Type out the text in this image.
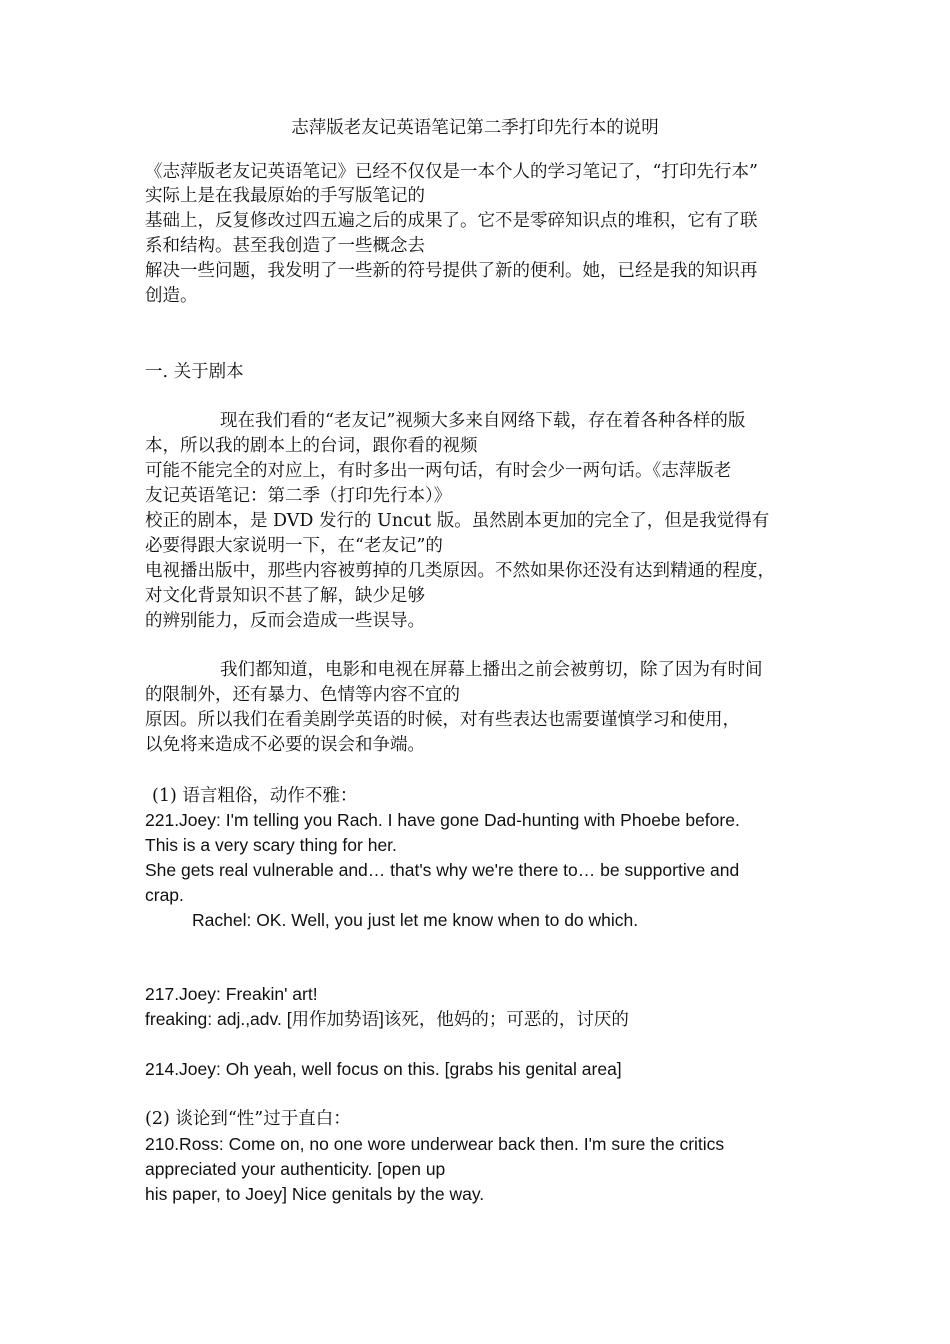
志萍版老友记英语笔记第二季打印先行本的说明

《志萍版老友记英语笔记》已经不仅仅是一本个人的学习笔记了，“打印先行本”

实际上是在我最原始的手写版笔记的

基础上，反复修改过四五遍之后的成果了。它不是零碎知识点的堆积，它有了联

系和结构。甚至我创造了一些概念去

解决一些问题，我发明了一些新的符号提供了新的便利。她，已经是我的知识再

创造。

一. 关于剧本

现在我们看的“老友记”视频大多来自网络下载，存在着各种各样的版

本，所以我的剧本上的台词，跟你看的视频

可能不能完全的对应上，有时多出一两句话，有时会少一两句话。《志萍版老

友记英语笔记：第二季（打印先行本）》

校正的剧本，是 DVD 发行的 Uncut 版。虽然剧本更加的完全了，但是我觉得有

必要得跟大家说明一下，在“老友记”的

电视播出版中，那些内容被剪掉的几类原因。不然如果你还没有达到精通的程度，

对文化背景知识不甚了解，缺少足够

的辨别能力，反而会造成一些误导。

我们都知道，电影和电视在屏幕上播出之前会被剪切，除了因为有时间

的限制外，还有暴力、色情等内容不宜的

原因。所以我们在看美剧学英语的时候，对有些表达也需要谨慎学习和使用，

以免将来造成不必要的误会和争端。

(1) 语言粗俗，动作不雅：

221.Joey: I'm telling you Rach. I have gone Dad-hunting with Phoebe before.

This is a very scary thing for her.

She gets real vulnerable and… that's why we're there to… be supportive and

crap.

Rachel: OK. Well, you just let me know when to do which.

217.Joey: Freakin' art!

freaking: adj.,adv. [用作加势语]该死，他妈的；可恶的，讨厌的

214.Joey: Oh yeah, well focus on this. [grabs his genital area]

(2) 谈论到“性”过于直白：

210.Ross: Come on, no one wore underwear back then. I'm sure the critics

appreciated your authenticity. [open up

his paper, to Joey] Nice genitals by the way.
